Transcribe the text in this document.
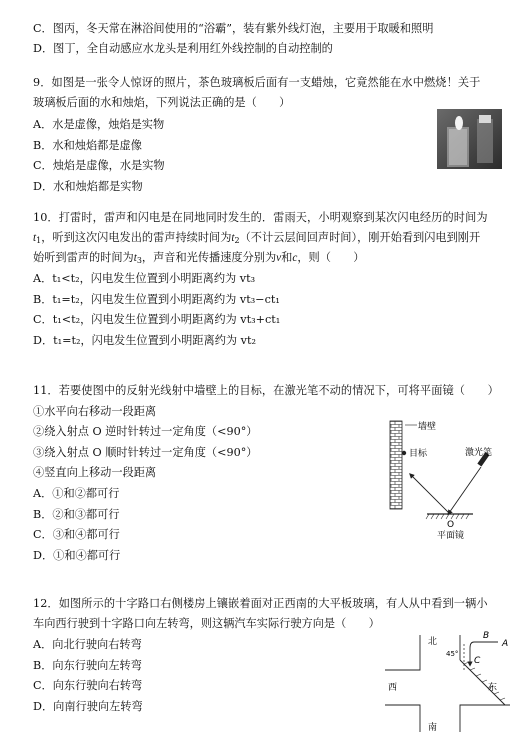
C．图丙，冬天常在淋浴间使用的“浴霸”，装有紫外线灯泡，主要用于取暖和照明
D．图丁，全自动感应水龙头是利用红外线控制的自动控制的
9．如图是一张令人惊讶的照片，茶色玻璃板后面有一支蜡烛，它竟然能在水中燃烧！关于
玻璃板后面的水和烛焰，下列说法正确的是（　　）
A．水是虚像，烛焰是实物
B．水和烛焰都是虚像
C．烛焰是虚像，水是实物
D．水和烛焰都是实物
10．打雷时，雷声和闪电是在同地同时发生的．雷雨天，小明观察到某次闪电经历的时间为
$t_1$，听到这次闪电发出的雷声持续时间为$t_2$（不计云层间回声时间），刚开始看到闪电到刚开
始听到雷声的时间为$t_3$，声音和光传播速度分别为v和c，则（　　）
A．t₁<t₂，闪电发生位置到小明距离约为 vt₃
B．t₁=t₂，闪电发生位置到小明距离约为 vt₃−ct₁
C．t₁<t₂，闪电发生位置到小明距离约为 vt₃+ct₁
D．t₁=t₂，闪电发生位置到小明距离约为 vt₂
11．若要使图中的反射光线射中墙壁上的目标，在激光笔不动的情况下，可将平面镜（　　）
①水平向右移动一段距离
②绕入射点 O 逆时针转过一定角度（<90°）
③绕入射点 O 顺时针转过一定角度（<90°）
④竖直向上移动一段距离
A．①和②都可行
B．②和③都可行
C．③和④都可行
D．①和④都可行
墙壁
目标	激光笔
O
平面镜
12．如图所示的十字路口右侧楼房上镶嵌着面对正西南的大平板玻璃，有人从中看到一辆小
车向西行驶到十字路口向左转弯，则这辆汽车实际行驶方向是（　　）
A．向北行驶向右转弯
B．向东行驶向左转弯
C．向东行驶向右转弯
D．向南行驶向左转弯
北
45°
B
A
C
西	东
南
